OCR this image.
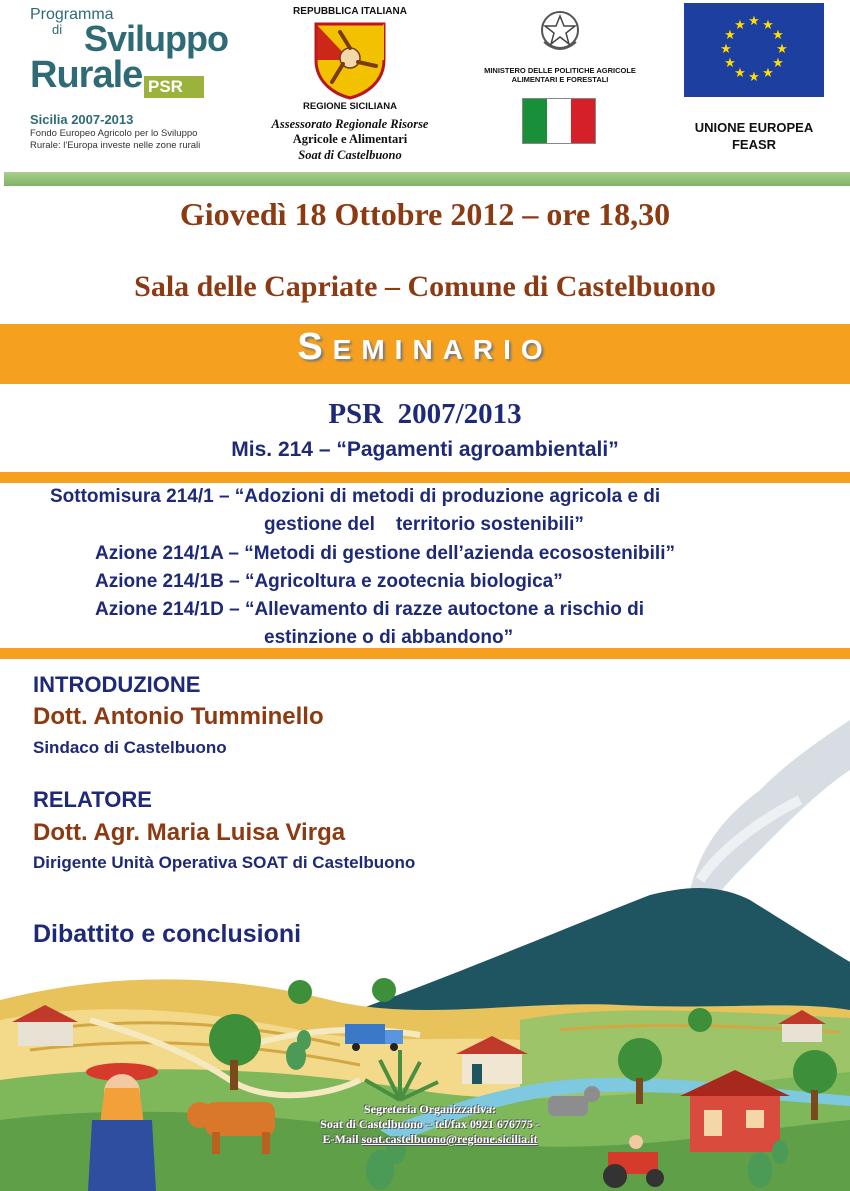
Programma
di Sviluppo
Rurale PSR
Sicilia 2007-2013
Fondo Europeo Agricolo per lo Sviluppo Rurale: l'Europa investe nelle zone rurali
REPUBBLICA ITALIANA
REGIONE SICILIANA
Assessorato Regionale Risorse
Agricole e Alimentari
Soat di Castelbuono
MINISTERO DELLE POLITICHE AGRICOLE
ALIMENTARI E FORESTALI
★ ★
★
★
★
★
★
★
★
★
★
★
UNIONE EUROPEA
FEASR
Giovedì 18 Ottobre 2012 – ore 18,30
Sala delle Capriate – Comune di Castelbuono
SEMINARIO
PSR  2007/2013
Mis. 214 – “Pagamenti agroambientali”
Sottomisura 214/1 – “Adozioni di metodi di produzione agricola e di
gestione del    territorio sostenibili”
Azione 214/1A – “Metodi di gestione dell’azienda ecosostenibili”
Azione 214/1B – “Agricoltura e zootecnia biologica”
Azione 214/1D – “Allevamento di razze autoctone a rischio di
estinzione o di abbandono”
INTRODUZIONE
Dott. Antonio Tumminello
Sindaco di Castelbuono
RELATORE
Dott. Agr. Maria Luisa Virga
Dirigente Unità Operativa SOAT di Castelbuono
Dibattito e conclusioni
Segreteria Organizzativa:
Soat di Castelbuono – tel/fax 0921 676775 -
E-Mail soat.castelbuono@regione.sicilia.it
